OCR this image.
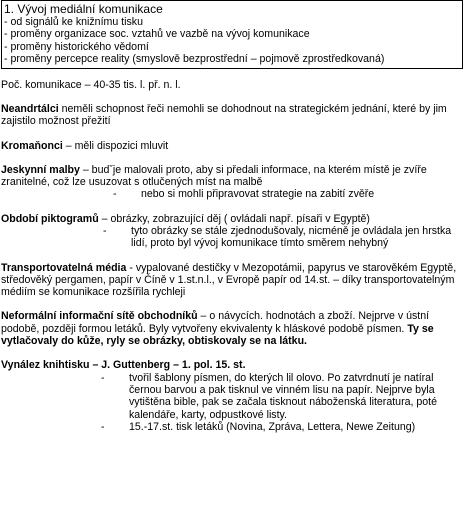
1. Vývoj mediální komunikace
- od signálů ke knižnímu tisku
- proměny organizace soc. vztahů ve vazbě na vývoj komunikace
- proměny historického vědomí
- proměny percepce reality (smyslově bezprostřední – pojmově zprostředkovaná)

Poč. komunikace – 40-35 tis. l. př. n. l.

Neandrtálci neměli schopnost řeči nemohli se dohodnout na strategickém jednání, které by jim zajistilo možnost přežití

Kromaňonci – měli dispozici mluvit

Jeskynní malby – budˇje malovali proto, aby si předali informace, na kterém místě je zvíře zranitelné, což lze usuzovat s otlučených míst na malbě

- nebo si mohli připravovat strategie na zabití zvěře

Období piktogramů – obrázky, zobrazující děj ( ovládali např. písaři v Egyptě)

- tyto obrázky se stále zjednodušovaly, nicméně je ovládala jen hrstka lidí, proto byl vývoj komunikace tímto směrem nehybný

Transportovatelná média - vypalované destičky v Mezopotámii, papyrus ve starověkém Egyptě, středověký pergamen, papír v Číně v 1.st.n.l., v Evropě papír od 14.st. – díky transportovatelným médiím se komunikace rozšířila rychleji

Neformální informační sítě obchodníků – o návycích. hodnotách a zboží. Nejprve v ústní podobě, později formou letáků. Byly vytvořeny ekvivalenty k hláskové podobě písmen. Ty se vytlačovaly do kůže, ryly se obrázky, obtiskovaly se na látku.

Vynález knihtisku – J. Guttenberg – 1. pol. 15. st.

- tvořil šablony písmen, do kterých lil olovo. Po zatvrdnutí je natíral černou barvou a pak tisknul ve vinném lisu na papír. Nejprve byla vytištěna bible, pak se začala tisknout náboženská literatura, poté kalendáře, karty, odpustkové listy.
- 15.-17.st. tisk letáků (Novina, Zpráva, Lettera, Newe Zeitung)
